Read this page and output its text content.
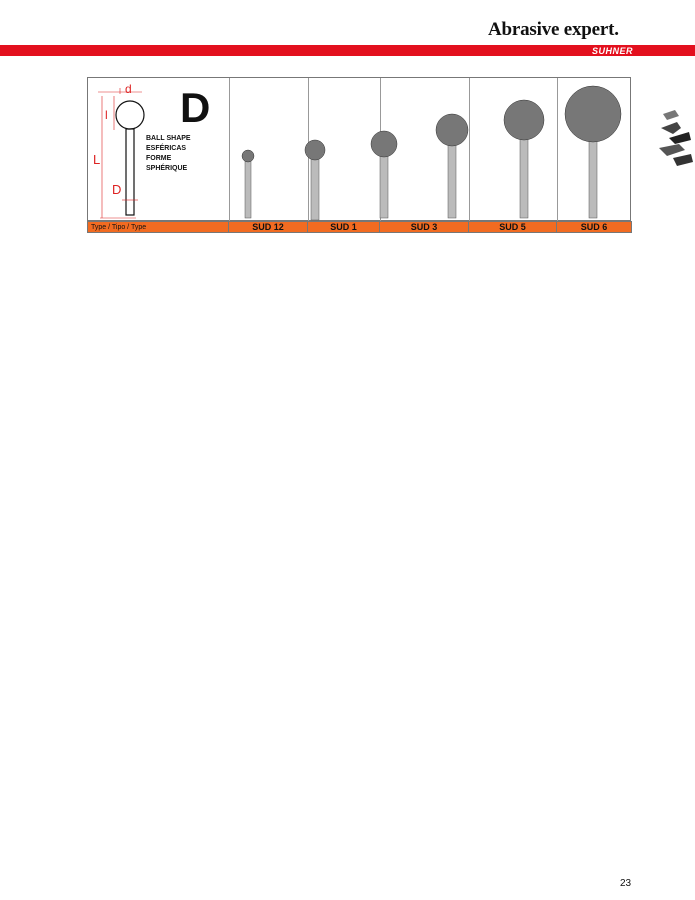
Abrasive expert.
SUHNER
d
l
L
D
D
BALL SHAPE
ESFÉRICAS
FORME
SPHÉRIQUE
Type / Tipo / Type	SUD 12	SUD 1	SUD 3	SUD 5	SUD 6
23
